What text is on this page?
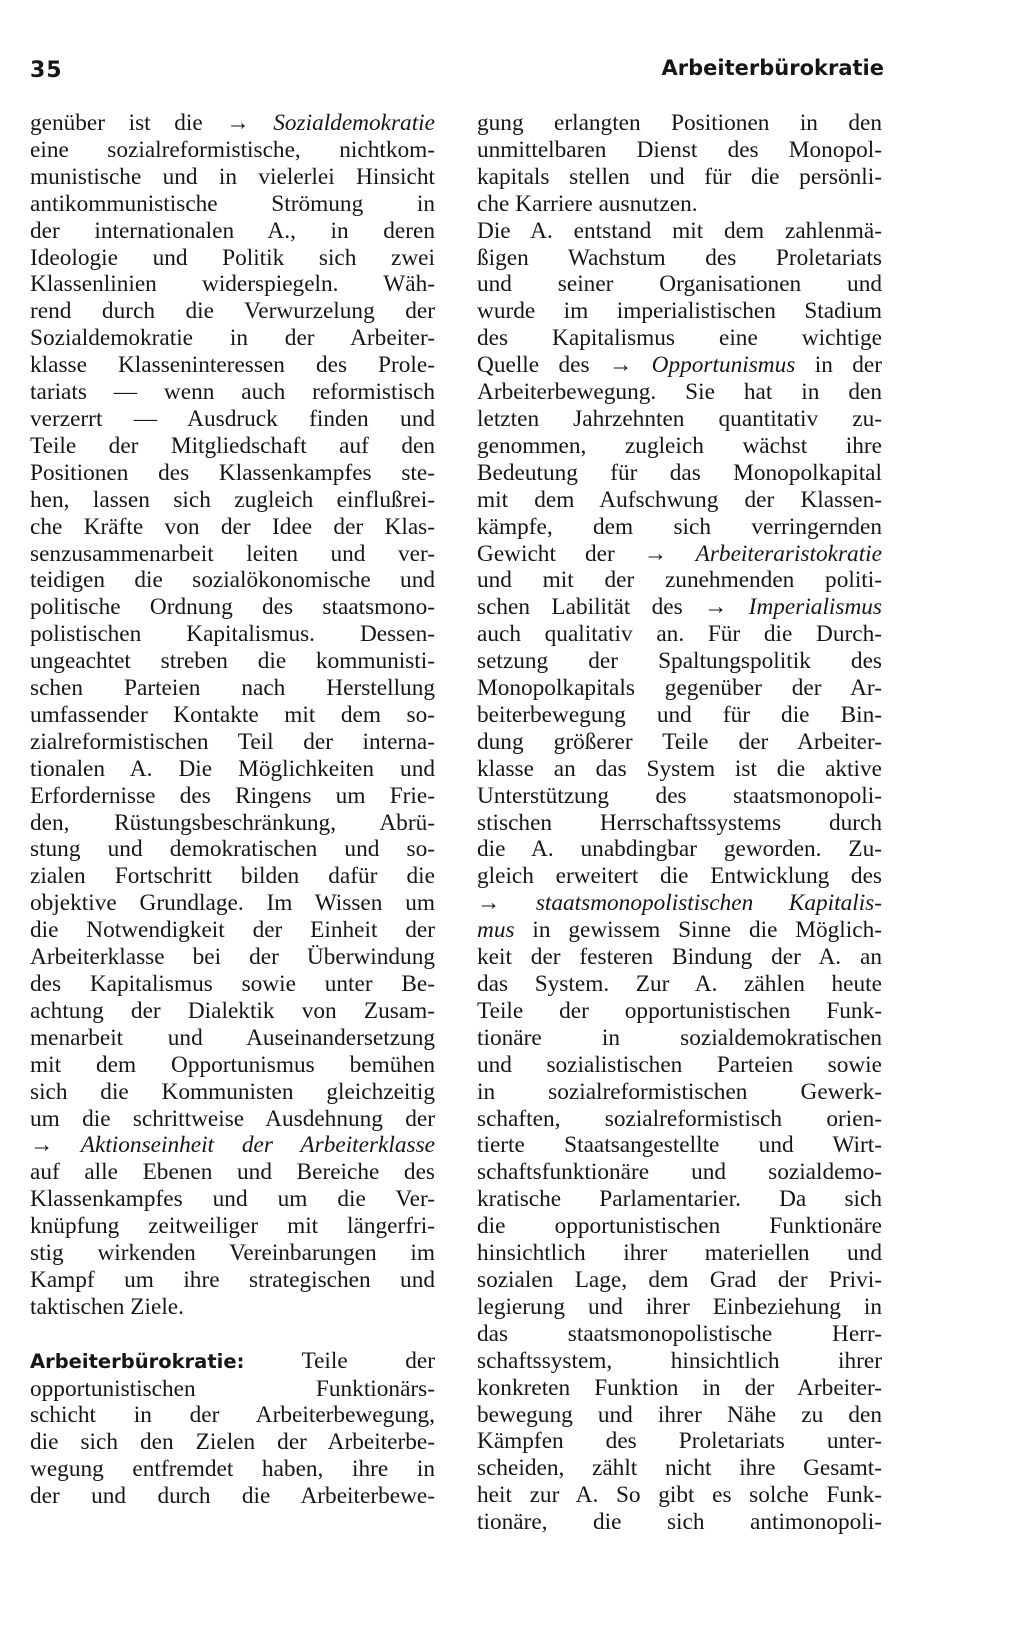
35	Arbeiterbürokratie
genüber ist die → Sozialdemokratie
eine sozialreformistische, nichtkom-
munistische und in vielerlei Hinsicht
antikommunistische Strömung in
der internationalen A., in deren
Ideologie und Politik sich zwei
Klassenlinien widerspiegeln. Wäh-
rend durch die Verwurzelung der
Sozialdemokratie in der Arbeiter-
klasse Klasseninteressen des Prole-
tariats — wenn auch reformistisch
verzerrt — Ausdruck finden und
Teile der Mitgliedschaft auf den
Positionen des Klassenkampfes ste-
hen, lassen sich zugleich einflußrei-
che Kräfte von der Idee der Klas-
senzusammenarbeit leiten und ver-
teidigen die sozialökonomische und
politische Ordnung des staatsmono-
polistischen Kapitalismus. Dessen-
ungeachtet streben die kommunisti-
schen Parteien nach Herstellung
umfassender Kontakte mit dem so-
zialreformistischen Teil der interna-
tionalen A. Die Möglichkeiten und
Erfordernisse des Ringens um Frie-
den, Rüstungsbeschränkung, Abrü-
stung und demokratischen und so-
zialen Fortschritt bilden dafür die
objektive Grundlage. Im Wissen um
die Notwendigkeit der Einheit der
Arbeiterklasse bei der Überwindung
des Kapitalismus sowie unter Be-
achtung der Dialektik von Zusam-
menarbeit und Auseinandersetzung
mit dem Opportunismus bemühen
sich die Kommunisten gleichzeitig
um die schrittweise Ausdehnung der
→ Aktionseinheit der Arbeiterklasse
auf alle Ebenen und Bereiche des
Klassenkampfes und um die Ver-
knüpfung zeitweiliger mit längerfri-
stig wirkenden Vereinbarungen im
Kampf um ihre strategischen und
taktischen Ziele.
Arbeiterbürokratie: Teile der
opportunistischen Funktionärs-
schicht in der Arbeiterbewegung,
die sich den Zielen der Arbeiterbe-
wegung entfremdet haben, ihre in
der und durch die Arbeiterbewe-
gung erlangten Positionen in den
unmittelbaren Dienst des Monopol-
kapitals stellen und für die persönli-
che Karriere ausnutzen.
Die A. entstand mit dem zahlenmä-
ßigen Wachstum des Proletariats
und seiner Organisationen und
wurde im imperialistischen Stadium
des Kapitalismus eine wichtige
Quelle des → Opportunismus in der
Arbeiterbewegung. Sie hat in den
letzten Jahrzehnten quantitativ zu-
genommen, zugleich wächst ihre
Bedeutung für das Monopolkapital
mit dem Aufschwung der Klassen-
kämpfe, dem sich verringernden
Gewicht der → Arbeiteraristokratie
und mit der zunehmenden politi-
schen Labilität des → Imperialismus
auch qualitativ an. Für die Durch-
setzung der Spaltungspolitik des
Monopolkapitals gegenüber der Ar-
beiterbewegung und für die Bin-
dung größerer Teile der Arbeiter-
klasse an das System ist die aktive
Unterstützung des staatsmonopoli-
stischen Herrschaftssystems durch
die A. unabdingbar geworden. Zu-
gleich erweitert die Entwicklung des
→ staatsmonopolistischen Kapitalis-
mus in gewissem Sinne die Möglich-
keit der festeren Bindung der A. an
das System. Zur A. zählen heute
Teile der opportunistischen Funk-
tionäre in sozialdemokratischen
und sozialistischen Parteien sowie
in sozialreformistischen Gewerk-
schaften, sozialreformistisch orien-
tierte Staatsangestellte und Wirt-
schaftsfunktionäre und sozialdemo-
kratische Parlamentarier. Da sich
die opportunistischen Funktionäre
hinsichtlich ihrer materiellen und
sozialen Lage, dem Grad der Privi-
legierung und ihrer Einbeziehung in
das staatsmonopolistische Herr-
schaftssystem, hinsichtlich ihrer
konkreten Funktion in der Arbeiter-
bewegung und ihrer Nähe zu den
Kämpfen des Proletariats unter-
scheiden, zählt nicht ihre Gesamt-
heit zur A. So gibt es solche Funk-
tionäre, die sich antimonopoli-
